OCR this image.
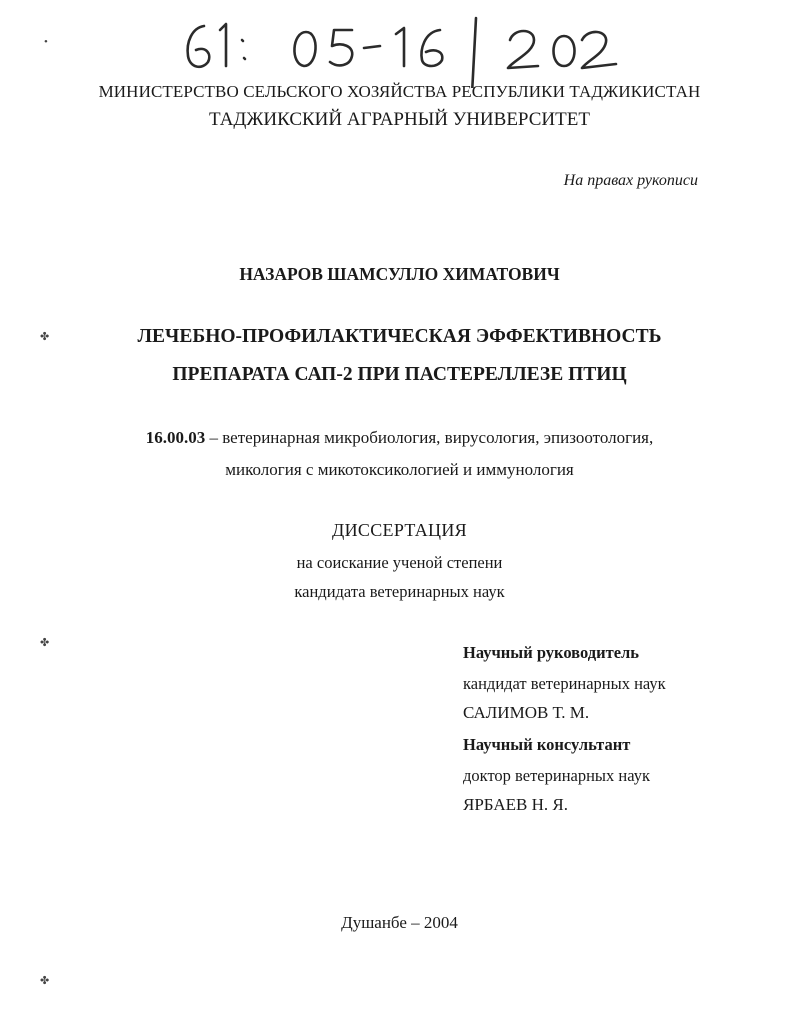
•
✤
✤
✤

МИНИСТЕРСТВО СЕЛЬСКОГО ХОЗЯЙСТВА РЕСПУБЛИКИ ТАДЖИКИСТАН

ТАДЖИКСКИЙ АГРАРНЫЙ УНИВЕРСИТЕТ

На правах рукописи

НАЗАРОВ ШАМСУЛЛО ХИМАТОВИЧ

ЛЕЧЕБНО-ПРОФИЛАКТИЧЕСКАЯ ЭФФЕКТИВНОСТЬ

ПРЕПАРАТА САП-2 ПРИ ПАСТЕРЕЛЛЕЗЕ ПТИЦ

16.00.03 – ветеринарная микробиология, вирусология, эпизоотология,

микология с микотоксикологией и иммунология

ДИССЕРТАЦИЯ

на соискание ученой степени

кандидата ветеринарных наук

Научный руководитель

кандидат ветеринарных наук

САЛИМОВ Т. М.

Научный консультант

доктор ветеринарных наук

ЯРБАЕВ Н. Я.

Душанбе – 2004
